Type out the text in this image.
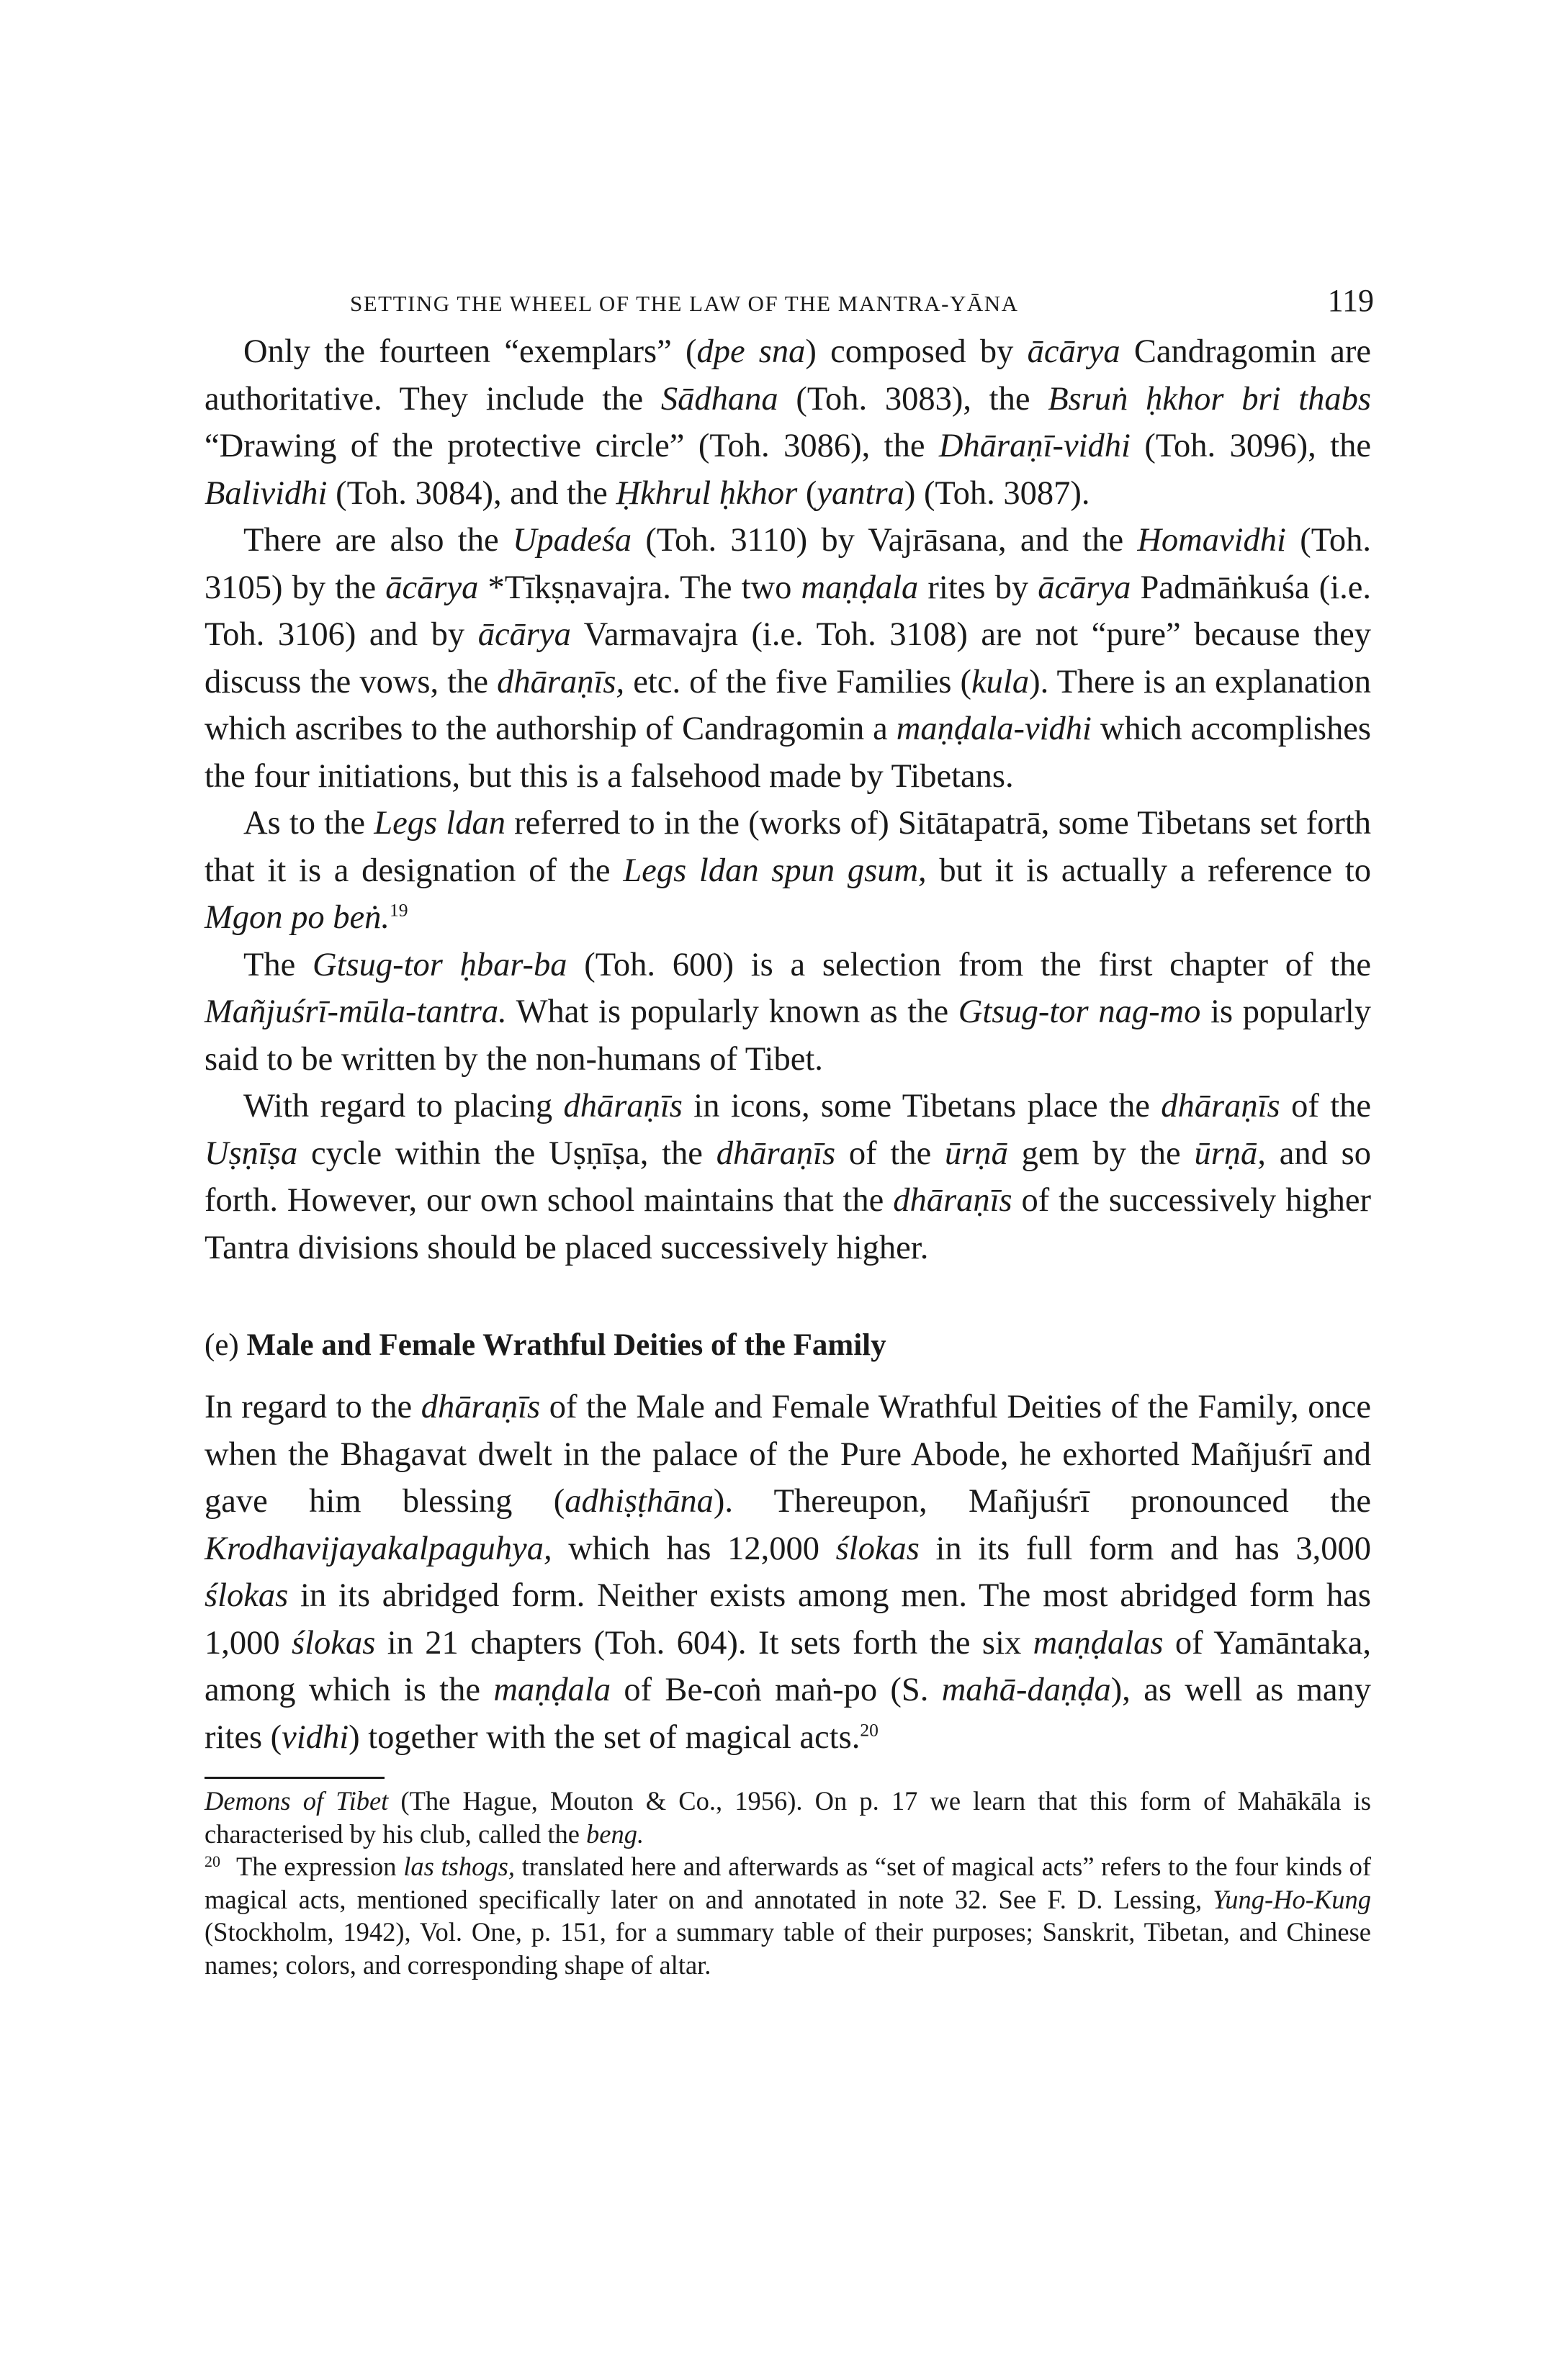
SETTING THE WHEEL OF THE LAW OF THE MANTRA-YĀNA	119

Only the fourteen “exemplars” (dpe sna) composed by ācārya Candragomin are authoritative. They include the Sādhana (Toh. 3083), the Bsruṅ ḥkhor bri thabs “Drawing of the protective circle” (Toh. 3086), the Dhāraṇī-vidhi (Toh. 3096), the Balividhi (Toh. 3084), and the Ḥkhrul ḥkhor (yantra) (Toh. 3087).

There are also the Upadeśa (Toh. 3110) by Vajrāsana, and the Homavidhi (Toh. 3105) by the ācārya *Tīkṣṇavajra. The two maṇḍala rites by ācārya Padmāṅkuśa (i.e. Toh. 3106) and by ācārya Varmavajra (i.e. Toh. 3108) are not “pure” because they discuss the vows, the dhāraṇīs, etc. of the five Families (kula). There is an explanation which ascribes to the authorship of Candragomin a maṇḍala-vidhi which accomplishes the four initiations, but this is a falsehood made by Tibetans.

As to the Legs ldan referred to in the (works of) Sitātapatrā, some Tibetans set forth that it is a designation of the Legs ldan spun gsum, but it is actually a reference to Mgon po beṅ.$^{19}$

The Gtsug-tor ḥbar-ba (Toh. 600) is a selection from the first chapter of the Mañjuśrī-mūla-tantra. What is popularly known as the Gtsug-tor nag-mo is popularly said to be written by the non-humans of Tibet.

With regard to placing dhāraṇīs in icons, some Tibetans place the dhāraṇīs of the Uṣṇīṣa cycle within the Uṣṇīṣa, the dhāraṇīs of the ūrṇā gem by the ūrṇā, and so forth. However, our own school maintains that the dhāraṇīs of the successively higher Tantra divisions should be placed successively higher.

(e) Male and Female Wrathful Deities of the Family

In regard to the dhāraṇīs of the Male and Female Wrathful Deities of the Family, once when the Bhagavat dwelt in the palace of the Pure Abode, he exhorted Mañjuśrī and gave him blessing (adhiṣṭhāna). Thereupon, Mañjuśrī pronounced the Krodhavijayakalpaguhya, which has 12,000 ślokas in its full form and has 3,000 ślokas in its abridged form. Neither exists among men. The most abridged form has 1,000 ślokas in 21 chapters (Toh. 604). It sets forth the six maṇḍalas of Yamāntaka, among which is the maṇḍala of Be-coṅ maṅ-po (S. mahā-daṇḍa), as well as many rites (vidhi) together with the set of magical acts.$^{20}$

Demons of Tibet (The Hague, Mouton & Co., 1956). On p. 17 we learn that this form of Mahākāla is characterised by his club, called the beng.

20 The expression las tshogs, translated here and afterwards as “set of magical acts” refers to the four kinds of magical acts, mentioned specifically later on and annotated in note 32. See F. D. Lessing, Yung-Ho-Kung (Stockholm, 1942), Vol. One, p. 151, for a summary table of their purposes; Sanskrit, Tibetan, and Chinese names; colors, and corresponding shape of altar.
